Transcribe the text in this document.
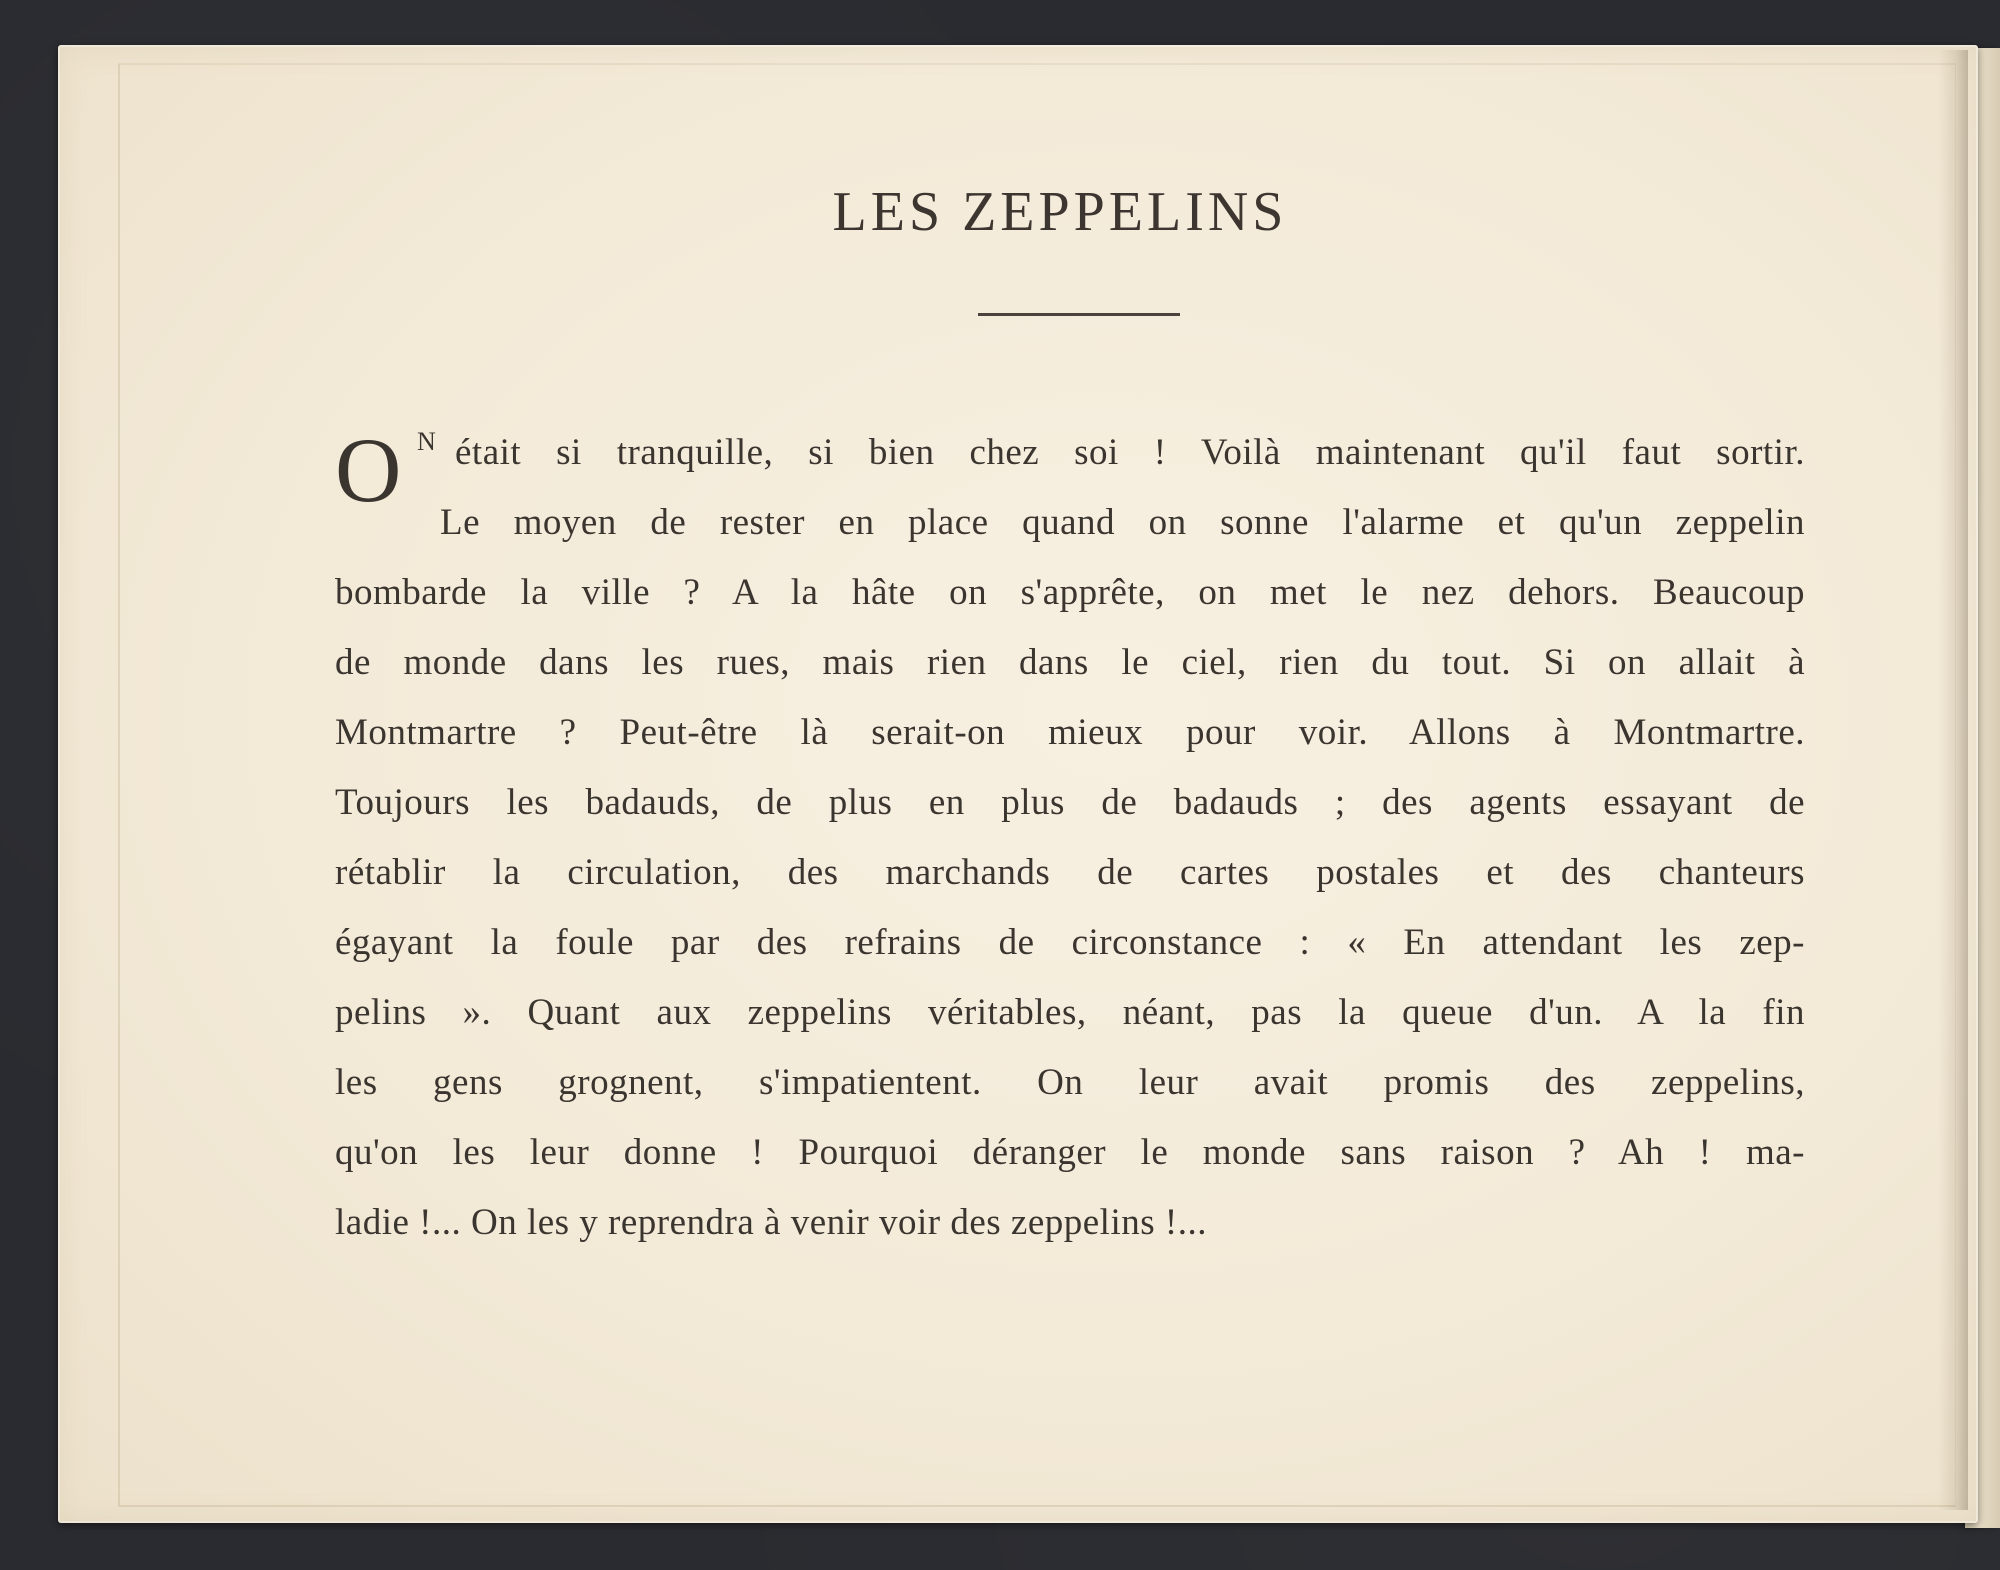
LES ZEPPELINS
O N était si tranquille, si bien chez soi ! Voilà maintenant qu'il faut sortir.
Le moyen de rester en place quand on sonne l'alarme et qu'un zeppelin
bombarde la ville ? A la hâte on s'apprête, on met le nez dehors. Beaucoup
de monde dans les rues, mais rien dans le ciel, rien du tout. Si on allait à
Montmartre ? Peut-être là serait-on mieux pour voir. Allons à Montmartre.
Toujours les badauds, de plus en plus de badauds ; des agents essayant de
rétablir la circulation, des marchands de cartes postales et des chanteurs
égayant la foule par des refrains de circonstance : « En attendant les zep-
pelins ». Quant aux zeppelins véritables, néant, pas la queue d'un. A la fin
les gens grognent, s'impatientent. On leur avait promis des zeppelins,
qu'on les leur donne ! Pourquoi déranger le monde sans raison ? Ah ! ma-
ladie !... On les y reprendra à venir voir des zeppelins !...
